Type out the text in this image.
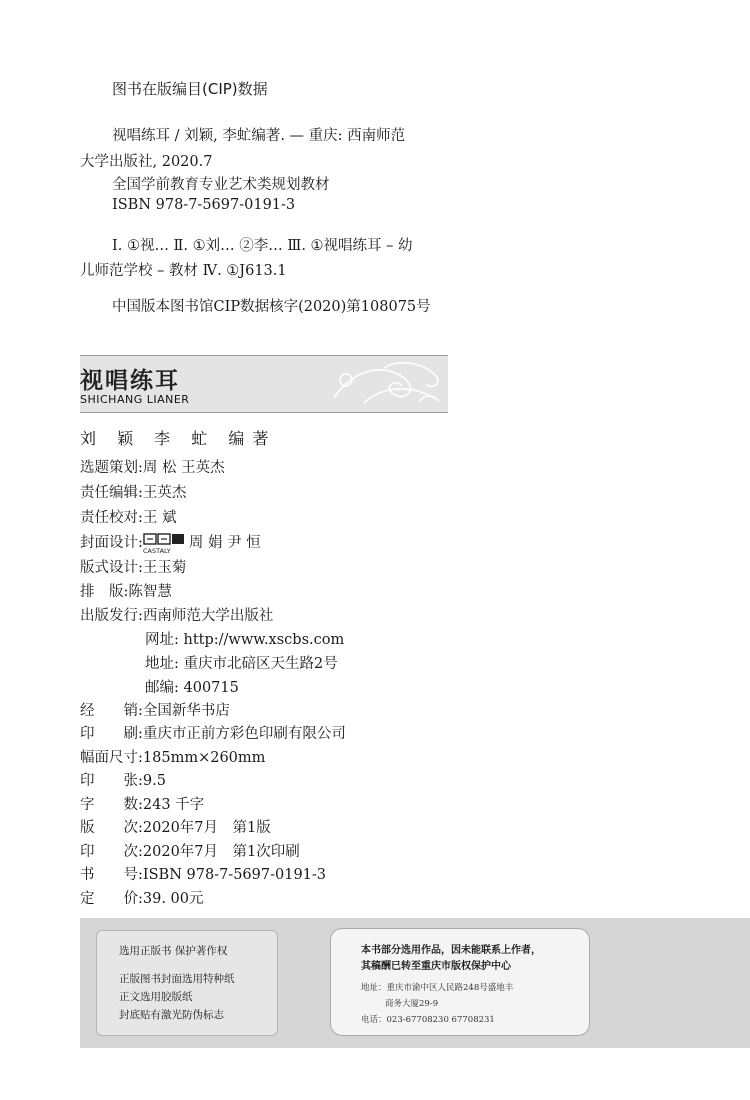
图书在版编目(CIP)数据
视唱练耳 / 刘颖, 李虻编著. — 重庆: 西南师范
大学出版社, 2020.7
全国学前教育专业艺术类规划教材
ISBN 978-7-5697-0191-3
Ⅰ. ①视… Ⅱ. ①刘… ②李… Ⅲ. ①视唱练耳 – 幼
儿师范学校 – 教材 Ⅳ. ①J613.1
中国版本图书馆CIP数据核字(2020)第108075号
视唱练耳
SHICHANG LIANER
刘 颖 李 虻 编著
选题策划:周 松 王英杰
责任编辑:王英杰
责任校对:王 斌
封面设计: CASTALY 周 娟 尹 恒
版式设计:王玉菊
排　版:陈智慧
出版发行:西南师范大学出版社
网址: http://www.xscbs.com
地址: 重庆市北碚区天生路2号
邮编: 400715
经　　销:全国新华书店
印　　刷:重庆市正前方彩色印刷有限公司
幅面尺寸:185mm×260mm
印　　张:9.5
字　　数:243 千字
版　　次:2020年7月　第1版
印　　次:2020年7月　第1次印刷
书　　号:ISBN 978-7-5697-0191-3
定　　价:39. 00元
选用正版书 保护著作权
正版图书封面选用特种纸
正文选用胶版纸
封底贴有激光防伪标志
本书部分选用作品，因未能联系上作者，
其稿酬已转至重庆市版权保护中心
地址：重庆市渝中区人民路248号盛地丰
商务大厦29-9
电话：023-67708230 67708231
